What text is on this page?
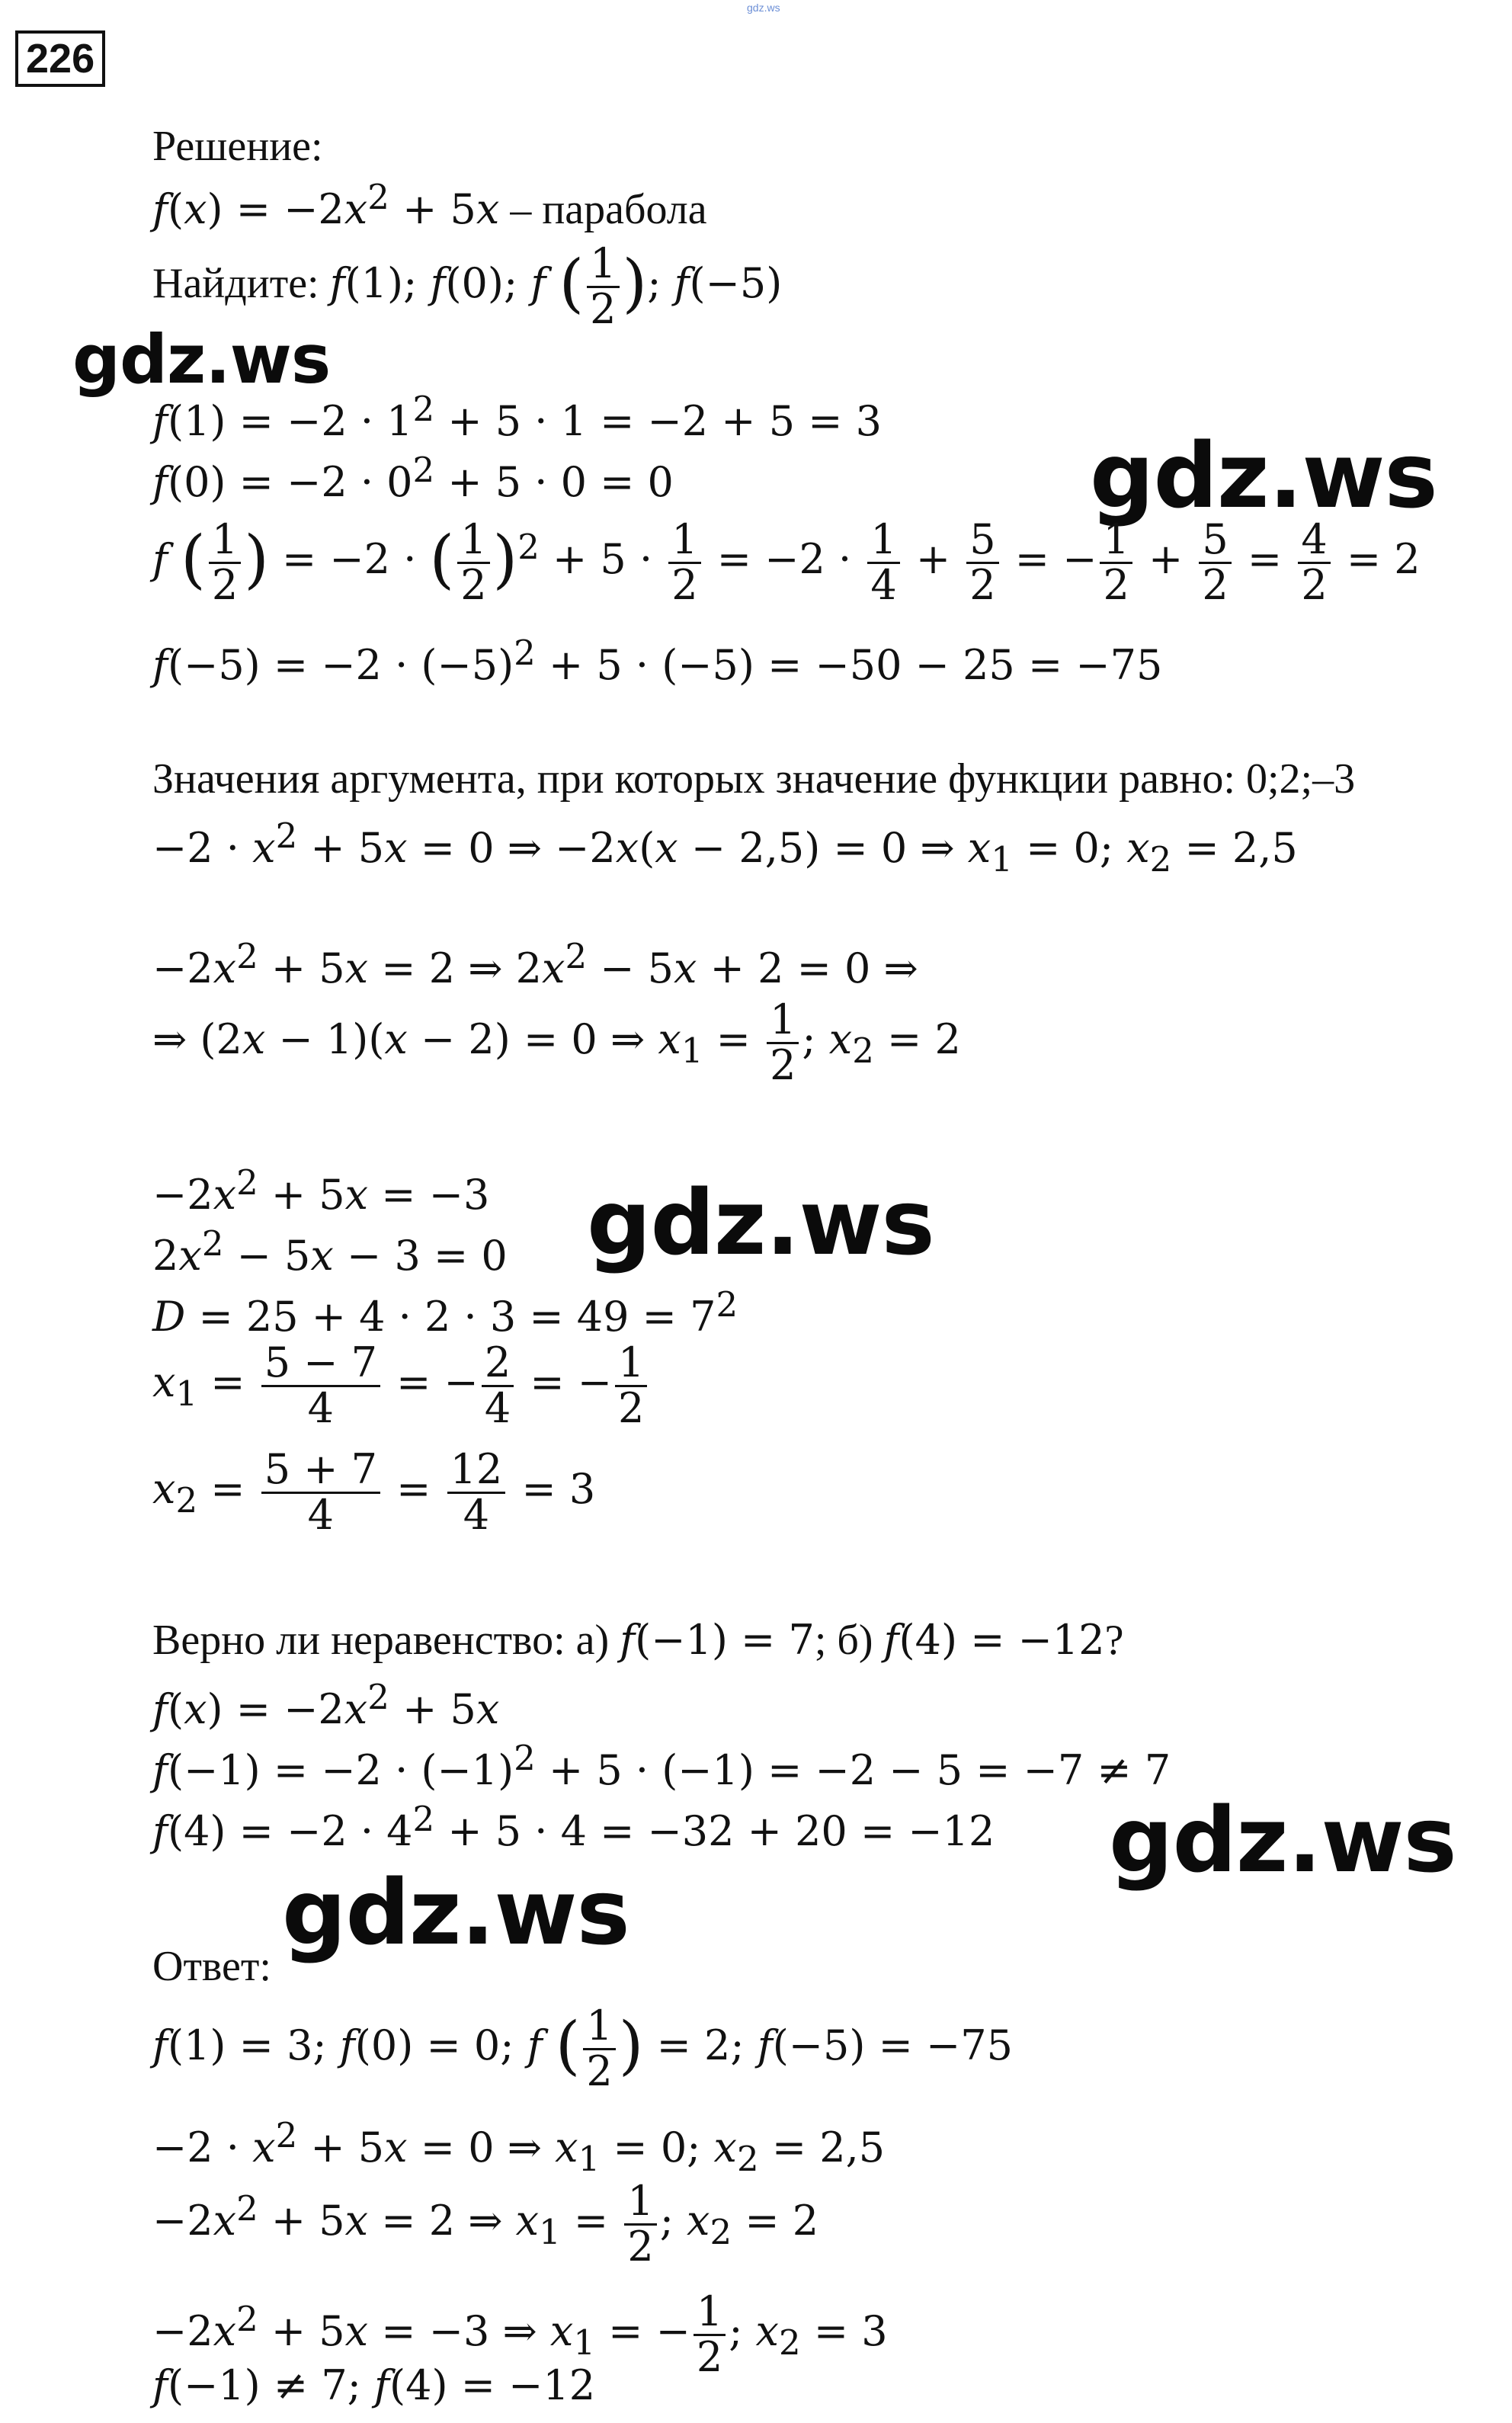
gdz.ws
226
Решение:
$f(x) = -2x^2 + 5x$ – парабола
Найдите: f(1); f(0); f ( $\frac{1}{2}$ ); f(−5)
gdz.ws
$f(1) = -2 \cdot 1^2 + 5 \cdot 1 = -2 + 5 = 3$
$f(0) = -2 \cdot 0^2 + 5 \cdot 0 = 0$	gdz.ws
f ( $\frac{1}{2}$ ) = −2 · ( $\frac{1}{2} )^2 + 5 \cdot \frac{1}{2} = -2 \cdot \frac{1}{4} + \frac{5}{2}$ = − $\frac{1}{2} + \frac{5}{2} = \frac{4}{2} = 2$
$f(-5) = -2 \cdot (-5)^2 + 5 \cdot (-5) = -50 - 25 = -75$
Значения аргумента, при которых значение функции равно: 0;2;–3
$-2 \cdot x^2 + 5x = 0$ ⇒ −2x(x − 2,5) = 0 ⇒ $x_1 = 0$; $x_2 = 2,5$
$-2x^2 + 5x = 2$ ⇒ $2x^2 - 5x + 2 = 0$ ⇒
⇒ (2x − 1)(x − 2) = 0 ⇒ $x_1 = \frac{1}{2}$ ; $x_2 = 2$
$-2x^2 + 5x = -3$
$2x^2 - 5x - 3 = 0$ gdz.ws
$D = 25 + 4 \cdot 2 \cdot 3 = 49 = 7^2$
$x_1 = \frac{5 - 7}{4}$ = − $\frac{2}{4}$ = − $\frac{1}{2}$
$x_2 = \frac{5 + 7}{4} = \frac{12}{4} = 3$
Верно ли неравенство: а) f(−1) = 7; б) f(4) = −12?
$f(x) = -2x^2 + 5x$
$f(-1) = -2 \cdot (-1)^2 + 5 \cdot (-1) = -2 - 5 = -7 \ne 7$
$f(4) = -2 \cdot 4^2 + 5 \cdot 4 = -32 + 20 = -12$ gdz.ws
gdz.ws
Ответ:
f(1) = 3; f(0) = 0; f ( $\frac{1}{2}$ ) = 2; f(−5) = −75
$-2 \cdot x^2 + 5x = 0$ ⇒ $x_1 = 0$; $x_2 = 2,5$
$-2x^2 + 5x = 2$ ⇒ $x_1 = \frac{1}{2}$ ; $x_2 = 2$
$-2x^2 + 5x = -3$ ⇒ $x_1$ = − $\frac{1}{2}$ ; $x_2 = 3$
f(−1) ≠ 7; f(4) = −12
